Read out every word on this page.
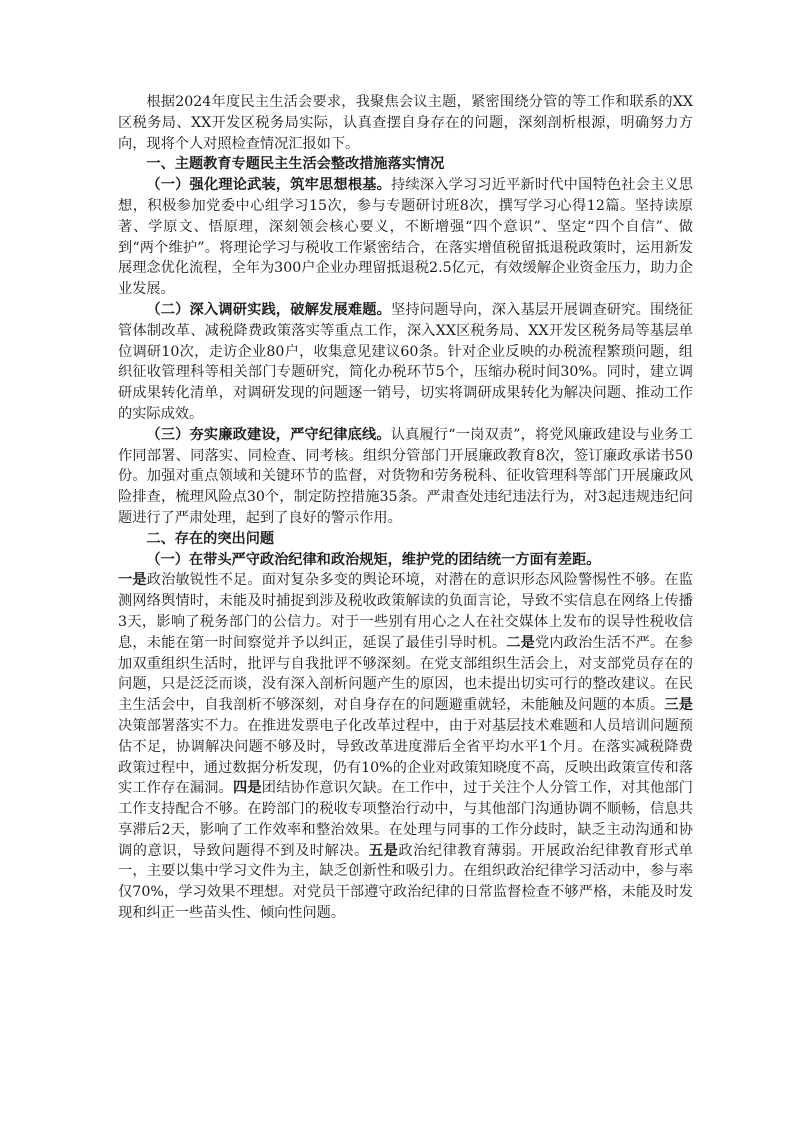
根据2024年度民主生活会要求，我聚焦会议主题，紧密围绕分管的等工作和联系的XX区税务局、XX开发区税务局实际，认真查摆自身存在的问题，深刻剖析根源，明确努力方向，现将个人对照检查情况汇报如下。

一、主题教育专题民主生活会整改措施落实情况

（一）强化理论武装，筑牢思想根基。持续深入学习习近平新时代中国特色社会主义思想，积极参加党委中心组学习15次，参与专题研讨班8次，撰写学习心得12篇。坚持读原著、学原文、悟原理，深刻领会核心要义，不断增强“四个意识”、坚定“四个自信”、做到“两个维护”。将理论学习与税收工作紧密结合，在落实增值税留抵退税政策时，运用新发展理念优化流程，全年为300户企业办理留抵退税2.5亿元，有效缓解企业资金压力，助力企业发展。

（二）深入调研实践，破解发展难题。坚持问题导向，深入基层开展调查研究。围绕征管体制改革、减税降费政策落实等重点工作，深入XX区税务局、XX开发区税务局等基层单位调研10次，走访企业80户，收集意见建议60条。针对企业反映的办税流程繁琐问题，组织征收管理科等相关部门专题研究，简化办税环节5个，压缩办税时间30%。同时，建立调研成果转化清单，对调研发现的问题逐一销号，切实将调研成果转化为解决问题、推动工作的实际成效。

（三）夯实廉政建设，严守纪律底线。认真履行“一岗双责”，将党风廉政建设与业务工作同部署、同落实、同检查、同考核。组织分管部门开展廉政教育8次，签订廉政承诺书50份。加强对重点领域和关键环节的监督，对货物和劳务税科、征收管理科等部门开展廉政风险排查，梳理风险点30个，制定防控措施35条。严肃查处违纪违法行为，对3起违规违纪问题进行了严肃处理，起到了良好的警示作用。

二、存在的突出问题

（一）在带头严守政治纪律和政治规矩，维护党的团结统一方面有差距。

一是政治敏锐性不足。面对复杂多变的舆论环境，对潜在的意识形态风险警惕性不够。在监测网络舆情时，未能及时捕捉到涉及税收政策解读的负面言论，导致不实信息在网络上传播3天，影响了税务部门的公信力。对于一些别有用心之人在社交媒体上发布的误导性税收信息，未能在第一时间察觉并予以纠正，延误了最佳引导时机。二是党内政治生活不严。在参加双重组织生活时，批评与自我批评不够深刻。在党支部组织生活会上，对支部党员存在的问题，只是泛泛而谈，没有深入剖析问题产生的原因，也未提出切实可行的整改建议。在民主生活会中，自我剖析不够深刻，对自身存在的问题避重就轻，未能触及问题的本质。三是决策部署落实不力。在推进发票电子化改革过程中，由于对基层技术难题和人员培训问题预估不足，协调解决问题不够及时，导致改革进度滞后全省平均水平1个月。在落实减税降费政策过程中，通过数据分析发现，仍有10%的企业对政策知晓度不高，反映出政策宣传和落实工作存在漏洞。四是团结协作意识欠缺。在工作中，过于关注个人分管工作，对其他部门工作支持配合不够。在跨部门的税收专项整治行动中，与其他部门沟通协调不顺畅，信息共享滞后2天，影响了工作效率和整治效果。在处理与同事的工作分歧时，缺乏主动沟通和协调的意识，导致问题得不到及时解决。五是政治纪律教育薄弱。开展政治纪律教育形式单一，主要以集中学习文件为主，缺乏创新性和吸引力。在组织政治纪律学习活动中，参与率仅70%，学习效果不理想。对党员干部遵守政治纪律的日常监督检查不够严格，未能及时发现和纠正一些苗头性、倾向性问题。
